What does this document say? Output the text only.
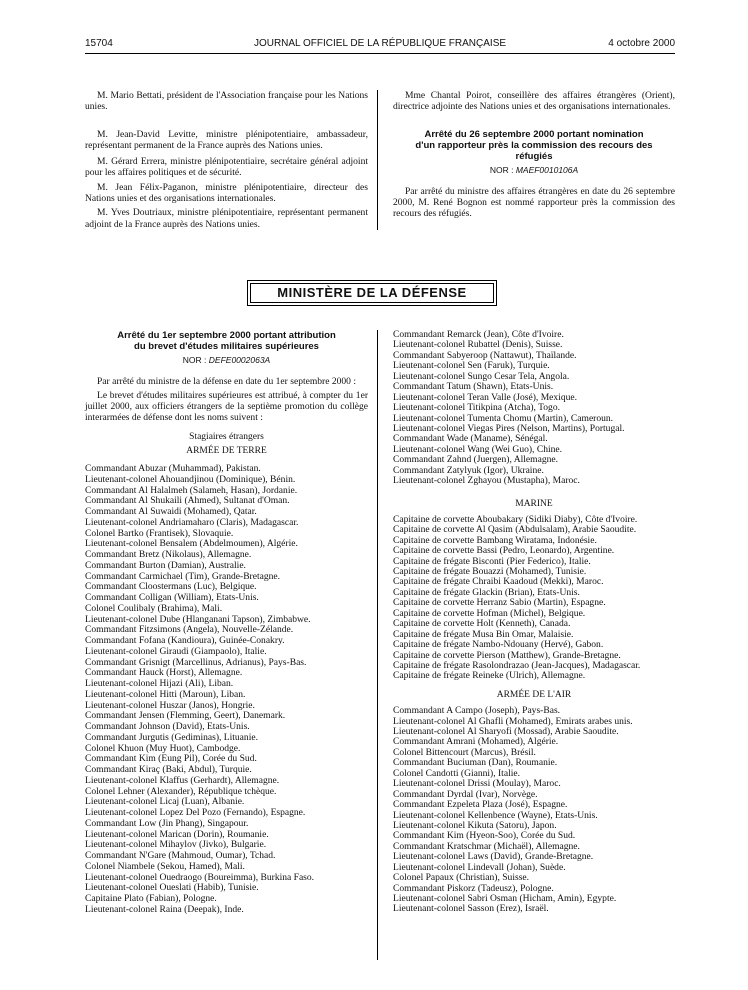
15704	JOURNAL OFFICIEL DE LA RÉPUBLIQUE FRANÇAISE	4 octobre 2000

M. Mario Bettati, président de l'Association française pour les Nations unies.

M. Jean-David Levitte, ministre plénipotentiaire, ambassadeur, représentant permanent de la France auprès des Nations unies.

M. Gérard Errera, ministre plénipotentiaire, secrétaire général adjoint pour les affaires politiques et de sécurité.

M. Jean Félix-Paganon, ministre plénipotentiaire, directeur des Nations unies et des organisations internationales.

M. Yves Doutriaux, ministre plénipotentiaire, représentant permanent adjoint de la France auprès des Nations unies.

Mme Chantal Poirot, conseillère des affaires étrangères (Orient), directrice adjointe des Nations unies et des organisations internationales.

Arrêté du 26 septembre 2000 portant nomination d'un rapporteur près la commission des recours des réfugiés
NOR : MAEF0010106A

Par arrêté du ministre des affaires étrangères en date du 26 septembre 2000, M. René Bognon est nommé rapporteur près la commission des recours des réfugiés.

MINISTÈRE DE LA DÉFENSE
Arrêté du 1er septembre 2000 portant attribution
du brevet d'études militaires supérieures
NOR : DEFE0002063A

Par arrêté du ministre de la défense en date du 1er septembre 2000 :

Le brevet d'études militaires supérieures est attribué, à compter du 1er juillet 2000, aux officiers étrangers de la septième promotion du collège interarmées de défense dont les noms suivent :

Stagiaires étrangers
ARMÉE DE TERRE
Commandant Abuzar (Muhammad), Pakistan.
Lieutenant-colonel Ahouandjinou (Dominique), Bénin.
Commandant Al Halalmeh (Salameh, Hasan), Jordanie.
Commandant Al Shukaili (Ahmed), Sultanat d'Oman.
Commandant Al Suwaidi (Mohamed), Qatar.
Lieutenant-colonel Andriamaharo (Claris), Madagascar.
Colonel Bartko (Frantisek), Slovaquie.
Lieutenant-colonel Bensalem (Abdelmoumen), Algérie.
Commandant Bretz (Nikolaus), Allemagne.
Commandant Burton (Damian), Australie.
Commandant Carmichael (Tim), Grande-Bretagne.
Commandant Cloostermans (Luc), Belgique.
Commandant Colligan (William), Etats-Unis.
Colonel Coulibaly (Brahima), Mali.
Lieutenant-colonel Dube (Hlanganani Tapson), Zimbabwe.
Commandant Fitzsimons (Angela), Nouvelle-Zélande.
Commandant Fofana (Kandioura), Guinée-Conakry.
Lieutenant-colonel Giraudi (Giampaolo), Italie.
Commandant Grisnigt (Marcellinus, Adrianus), Pays-Bas.
Commandant Hauck (Horst), Allemagne.
Lieutenant-colonel Hijazi (Ali), Liban.
Lieutenant-colonel Hitti (Maroun), Liban.
Lieutenant-colonel Huszar (Janos), Hongrie.
Commandant Jensen (Flemming, Geert), Danemark.
Commandant Johnson (David), Etats-Unis.
Commandant Jurgutis (Gediminas), Lituanie.
Colonel Khuon (Muy Huot), Cambodge.
Commandant Kim (Eung Pil), Corée du Sud.
Commandant Kiraç (Baki, Abdul), Turquie.
Lieutenant-colonel Klaffus (Gerhardt), Allemagne.
Colonel Lehner (Alexander), République tchèque.
Lieutenant-colonel Licaj (Luan), Albanie.
Lieutenant-colonel Lopez Del Pozo (Fernando), Espagne.
Commandant Low (Jin Phang), Singapour.
Lieutenant-colonel Marican (Dorin), Roumanie.
Lieutenant-colonel Mihaylov (Jivko), Bulgarie.
Commandant N'Gare (Mahmoud, Oumar), Tchad.
Colonel Niambele (Sekou, Hamed), Mali.
Lieutenant-colonel Ouedraogo (Boureimma), Burkina Faso.
Lieutenant-colonel Oueslati (Habib), Tunisie.
Capitaine Plato (Fabian), Pologne.
Lieutenant-colonel Raina (Deepak), Inde.
Commandant Remarck (Jean), Côte d'Ivoire.
Lieutenant-colonel Rubattel (Denis), Suisse.
Commandant Sabyeroop (Nattawut), Thaïlande.
Lieutenant-colonel Sen (Faruk), Turquie.
Lieutenant-colonel Sungo Cesar Tela, Angola.
Commandant Tatum (Shawn), Etats-Unis.
Lieutenant-colonel Teran Valle (José), Mexique.
Lieutenant-colonel Titikpina (Atcha), Togo.
Lieutenant-colonel Tumenta Chomu (Martin), Cameroun.
Lieutenant-colonel Viegas Pires (Nelson, Martins), Portugal.
Commandant Wade (Maname), Sénégal.
Lieutenant-colonel Wang (Wei Guo), Chine.
Commandant Zahnd (Juergen), Allemagne.
Commandant Zatylyuk (Igor), Ukraine.
Lieutenant-colonel Zghayou (Mustapha), Maroc.
MARINE
Capitaine de corvette Aboubakary (Sidiki Diaby), Côte d'Ivoire.
Capitaine de corvette Al Qasim (Abdulsalam), Arabie Saoudite.
Capitaine de corvette Bambang Wiratama, Indonésie.
Capitaine de corvette Bassi (Pedro, Leonardo), Argentine.
Capitaine de frégate Bisconti (Pier Federico), Italie.
Capitaine de frégate Bouazzi (Mohamed), Tunisie.
Capitaine de frégate Chraibi Kaadoud (Mekki), Maroc.
Capitaine de frégate Glackin (Brian), Etats-Unis.
Capitaine de corvette Herranz Sabio (Martin), Espagne.
Capitaine de corvette Hofman (Michel), Belgique.
Capitaine de corvette Holt (Kenneth), Canada.
Capitaine de frégate Musa Bin Omar, Malaisie.
Capitaine de frégate Nambo-Ndouany (Hervé), Gabon.
Capitaine de corvette Pierson (Matthew), Grande-Bretagne.
Capitaine de frégate Rasolondrazao (Jean-Jacques), Madagascar.
Capitaine de frégate Reineke (Ulrich), Allemagne.
ARMÉE DE L'AIR
Commandant A Campo (Joseph), Pays-Bas.
Lieutenant-colonel Al Ghafli (Mohamed), Emirats arabes unis.
Lieutenant-colonel Al Sharyofi (Mossad), Arabie Saoudite.
Commandant Amrani (Mohamed), Algérie.
Colonel Bittencourt (Marcus), Brésil.
Commandant Buciuman (Dan), Roumanie.
Colonel Candotti (Gianni), Italie.
Lieutenant-colonel Drissi (Moulay), Maroc.
Commandant Dyrdal (Ivar), Norvège.
Commandant Ezpeleta Plaza (José), Espagne.
Lieutenant-colonel Kellenbence (Wayne), Etats-Unis.
Lieutenant-colonel Kikuta (Satoru), Japon.
Commandant Kim (Hyeon-Soo), Corée du Sud.
Commandant Kratschmar (Michaël), Allemagne.
Lieutenant-colonel Laws (David), Grande-Bretagne.
Lieutenant-colonel Lindevall (Johan), Suède.
Colonel Papaux (Christian), Suisse.
Commandant Piskorz (Tadeusz), Pologne.
Lieutenant-colonel Sabri Osman (Hicham, Amin), Egypte.
Lieutenant-colonel Sasson (Erez), Israël.
